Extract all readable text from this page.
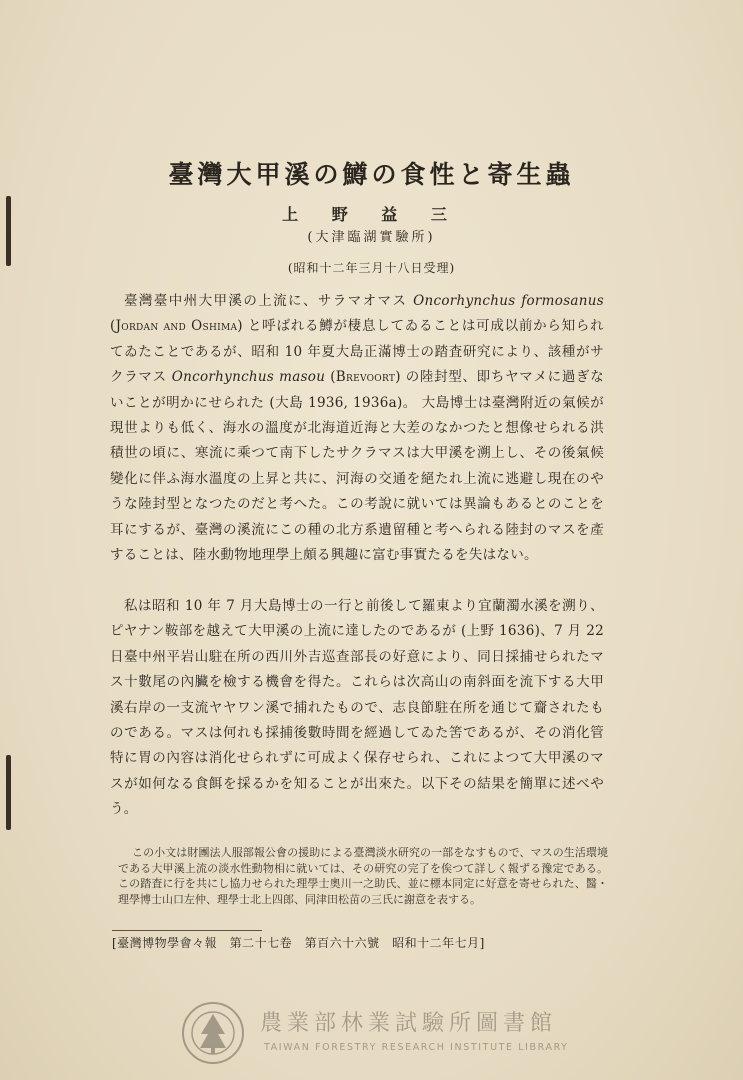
臺灣大甲溪の鱒の食性と寄生蟲
上 野 益 三
(大津臨湖實驗所)
(昭和十二年三月十八日受理)

臺灣臺中州大甲溪の上流に、サラマオマス Oncorhynchus formosanus (Jordan and Oshima) と呼ばれる鱒が棲息してゐることは可成以前から知られてゐたことであるが、昭和 10 年夏大島正滿博士の踏査研究により、該種がサクラマス Oncorhynchus masou (Brevoort) の陸封型、即ちヤマメに過ぎないことが明かにせられた (大島 1936, 1936a)。 大島博士は臺灣附近の氣候が現世よりも低く、海水の溫度が北海道近海と大差のなかつたと想像せられる洪積世の頃に、寒流に乘つて南下したサクラマスは大甲溪を溯上し、その後氣候變化に伴ふ海水溫度の上昇と共に、河海の交通を絕たれ上流に逃避し現在のやうな陸封型となつたのだと考へた。この考說に就いては異論もあるとのことを耳にするが、臺灣の溪流にこの種の北方系遺留種と考へられる陸封のマスを產することは、陸水動物地理學上頗る興趣に富む事實たるを失はない。

私は昭和 10 年 7 月大島博士の一行と前後して羅東より宜蘭濁水溪を溯り、ピヤナン鞍部を越えて大甲溪の上流に達したのであるが (上野 1636)、7 月 22 日臺中州平岩山駐在所の西川外吉巡查部長の好意により、同日採捕せられたマス十數尾の內臟を檢する機會を得た。これらは次高山の南斜面を流下する大甲溪右岸の一支流ヤヤワン溪で捕れたもので、志良節駐在所を通じて齎されたものである。マスは何れも採捕後數時間を經過してゐた筈であるが、その消化管特に胃の內容は消化せられずに可成よく保存せられ、これによつて大甲溪のマスが如何なる食餌を採るかを知ることが出來た。以下その結果を簡單に述べやう。

この小文は財團法人服部報公會の援助による臺灣淡水研究の一部をなすもので、マスの生活環境である大甲溪上流の淡水性動物相に就いては、その研究の完了を俟つて詳しく報ずる豫定である。この踏査に行を共にし協力せられた理學士奧川一之助氏、並に標本同定に好意を寄せられた、醫・理學博士山口左仲、理學士北上四郎、同津田松苗の三氏に謝意を表する。

[臺灣博物學會々報　第二十七卷　第百六十六號　昭和十二年七月]
農業部林業試驗所圖書館
TAIWAN FORESTRY RESEARCH INSTITUTE LIBRARY
